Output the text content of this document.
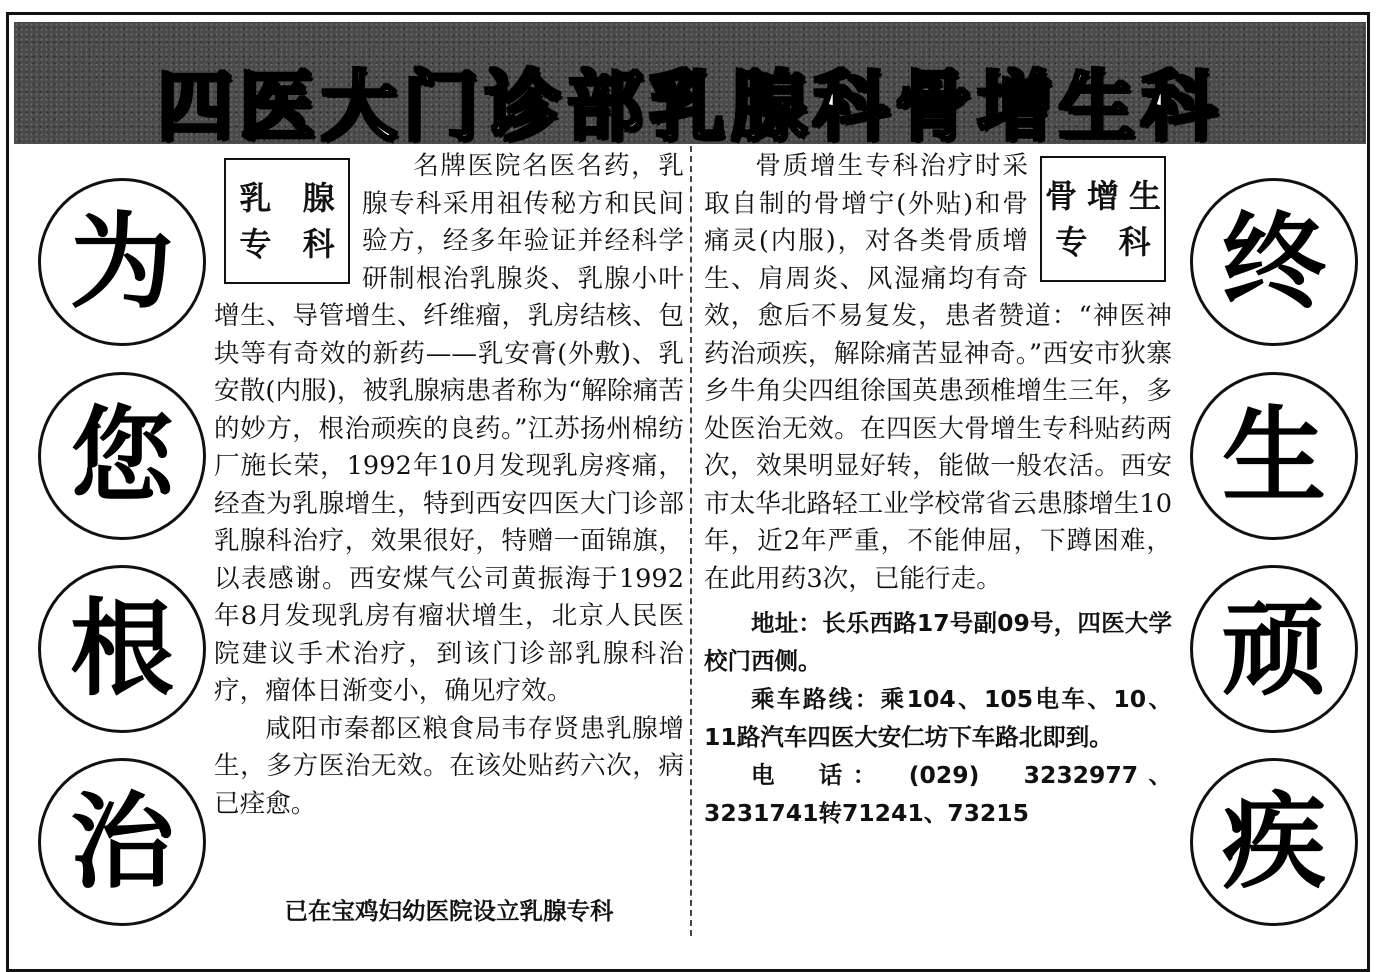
四医大门诊部乳腺科骨增生科
为
您
根
治
终
生
顽
疾
乳 腺
专 科

名牌医院名医名药，乳腺专科采用祖传秘方和民间验方，经多年验证并经科学研制根治乳腺炎、乳腺小叶增生、导管增生、纤维瘤，乳房结核、包块等有奇效的新药——乳安膏(外敷)、乳安散(内服)，被乳腺病患者称为“解除痛苦的妙方，根治顽疾的良药。”江苏扬州棉纺厂施长荣，1992年10月发现乳房疼痛，经查为乳腺增生，特到西安四医大门诊部乳腺科治疗，效果很好，特赠一面锦旗，以表感谢。西安煤气公司黄振海于1992年8月发现乳房有瘤状增生，北京人民医院建议手术治疗，到该门诊部乳腺科治疗，瘤体日渐变小，确见疗效。

咸阳市秦都区粮食局韦存贤患乳腺增生，多方医治无效。在该处贴药六次，病已痊愈。

已在宝鸡妇幼医院设立乳腺专科
骨增生
专 科

骨质增生专科治疗时采取自制的骨增宁(外贴)和骨痛灵(内服)，对各类骨质增生、肩周炎、风湿痛均有奇效，愈后不易复发，患者赞道：“神医神药治顽疾，解除痛苦显神奇。”西安市狄寨乡牛角尖四组徐国英患颈椎增生三年，多处医治无效。在四医大骨增生专科贴药两次，效果明显好转，能做一般农活。西安市太华北路轻工业学校常省云患膝增生10年，近2年严重，不能伸屈，下蹲困难，在此用药3次，已能行走。

地址：长乐西路17号副09号，四医大学校门西侧。

乘车路线：乘104、105电车、10、11路汽车四医大安仁坊下车路北即到。

电　话：　(029)　3232977、3231741转71241、73215
